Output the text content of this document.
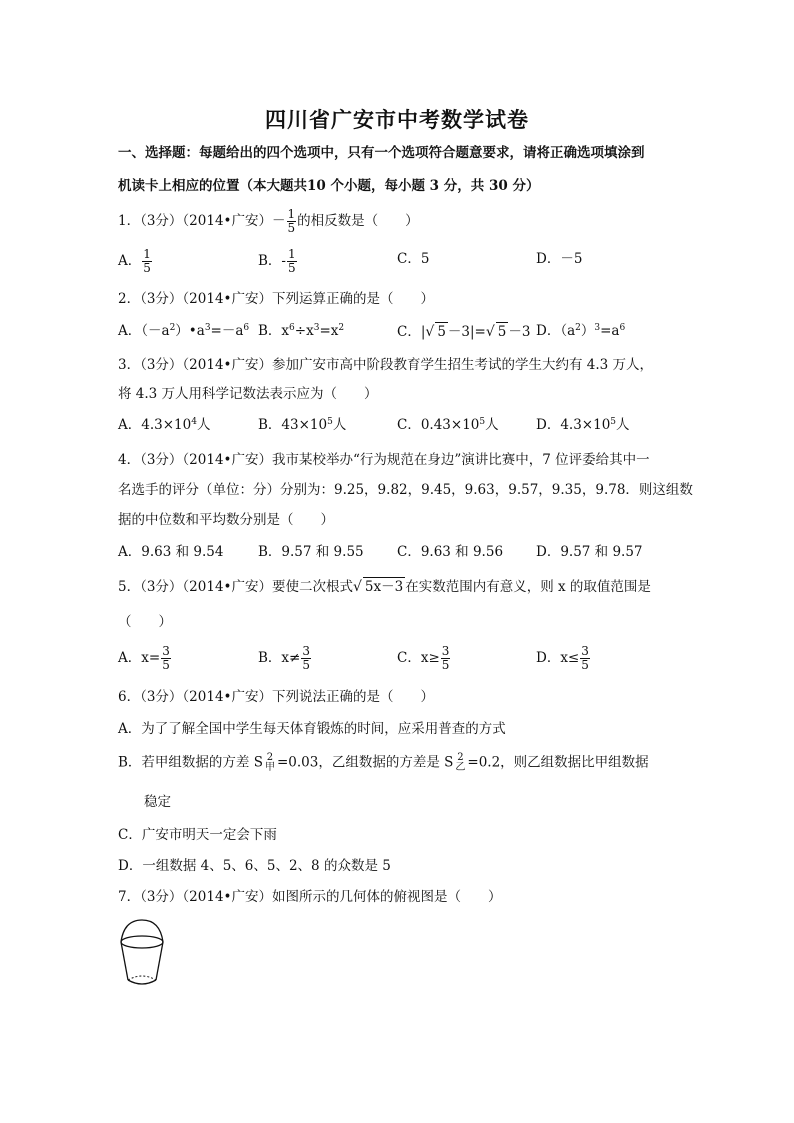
四川省广安市中考数学试卷
一、选择题：每题给出的四个选项中，只有一个选项符合题意要求，请将正确选项填涂到
机读卡上相应的位置（本大题共10 个小题，每小题 3 分，共 30 分）
1．（3分）（2014•广安）－ $\frac{1}{5}$ 的相反数是（　　）
A． $\frac{1}{5}$	B．- $\frac{1}{5}$	C．5	D．－5
2．（3分）（2014•广安）下列运算正确的是（　　）
A．$(-a^2)•a^3=-a^6$ B．$x^6\div x^3=x^2$	C．|√ 5 －3|=√ 5 －3 D．$(a^2)^3=a^6$
3．（3分）（2014•广安）参加广安市高中阶段教育学生招生考试的学生大约有 4.3 万人，
将 4.3 万人用科学记数法表示应为（　　）
A．$4.3\times 10^4$人	B．$43\times 10^5$人	C．$0.43\times 10^5$人	D．$4.3\times 10^5$人
4．（3分）（2014•广安）我市某校举办“行为规范在身边”演讲比赛中，7 位评委给其中一
名选手的评分（单位：分）分别为：9.25，9.82，9.45，9.63，9.57，9.35，9.78．则这组数
据的中位数和平均数分别是（　　）
A．9.63 和 9.54	B．9.57 和 9.55 C．9.63 和 9.56 D．9.57 和 9.57
5．（3分）（2014•广安）要使二次根式√ 5x－3 在实数范围内有意义，则 x 的取值范围是
（　　）
A．$x= \frac{3}{5}$	B．$x\ne \frac{3}{5}$	C．$x\ge \frac{3}{5}$	D．$x\le \frac{3}{5}$
6．（3分）（2014•广安）下列说法正确的是（　　）
A．为了了解全国中学生每天体育锻炼的时间，应采用普查的方式
B．若甲组数据的方差 S 2
甲 =0.03，乙组数据的方差是 S 2
乙 =0.2，则乙组数据比甲组数据
稳定
C．广安市明天一定会下雨
D．一组数据 4、5、6、5、2、8 的众数是 5
7．（3分）（2014•广安）如图所示的几何体的俯视图是（　　）
